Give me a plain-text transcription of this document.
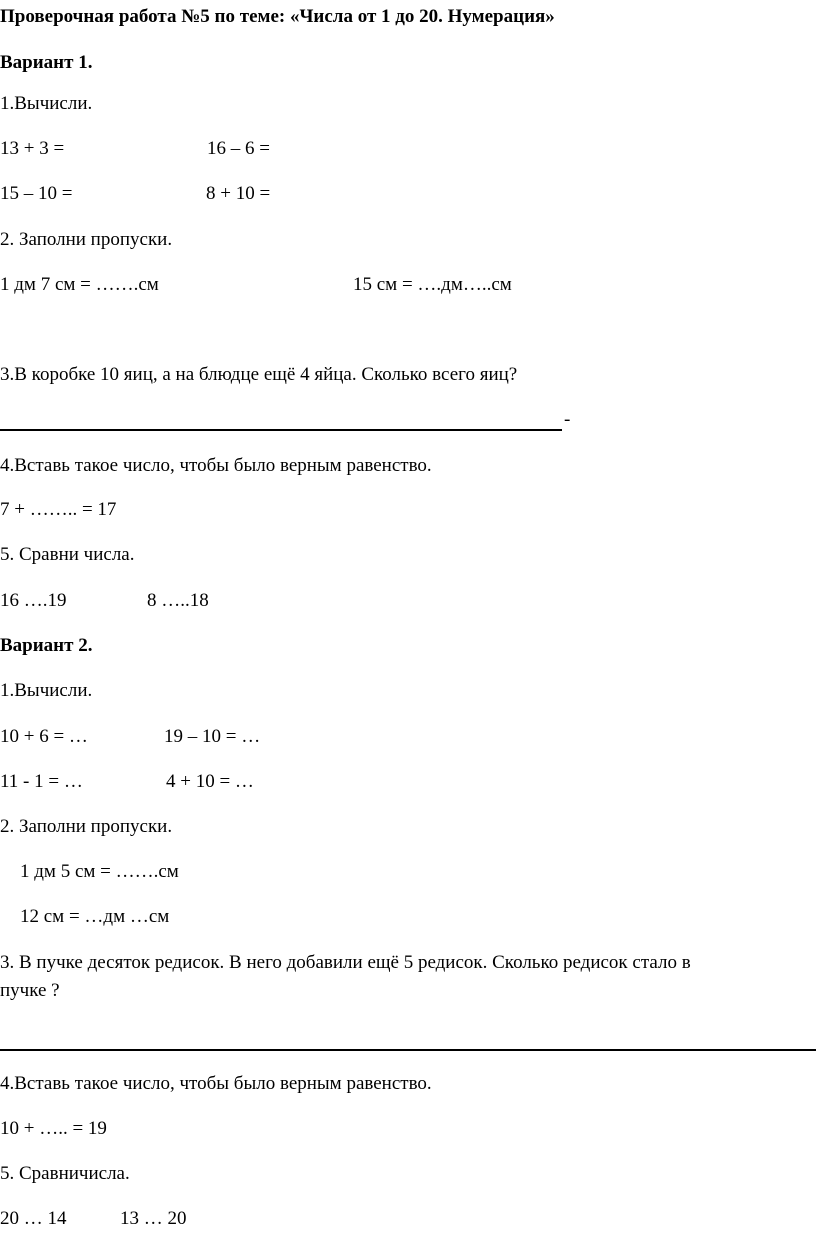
Проверочная работа №5 по теме: «Числа от 1 до 20. Нумерация»
Вариант 1.
1.Вычисли.
13 + 3 =	16 – 6 =
15 – 10 =	8 + 10 =
2. Заполни пропуски.
1 дм 7 см = …….см	15 см = ….дм…..см
3.В коробке 10 яиц, а на блюдце ещё 4 яйца. Сколько всего яиц?
-
4.Вставь такое число, чтобы было верным равенство.
7 + …….. = 17
5. Сравни числа.
16 ….19	8 …..18
Вариант 2.
1.Вычисли.
10 + 6 = …	19 – 10 = …
11 - 1 = …	4 + 10 = …
2. Заполни пропуски.
1 дм 5 см = …….см
12 см = …дм …см
3. В пучке десяток редисок. В него добавили ещё 5 редисок. Сколько редисок стало в
пучке ?
4.Вставь такое число, чтобы было верным равенство.
10 + ….. = 19
5. Сравничисла.
20 … 14	13 … 20
